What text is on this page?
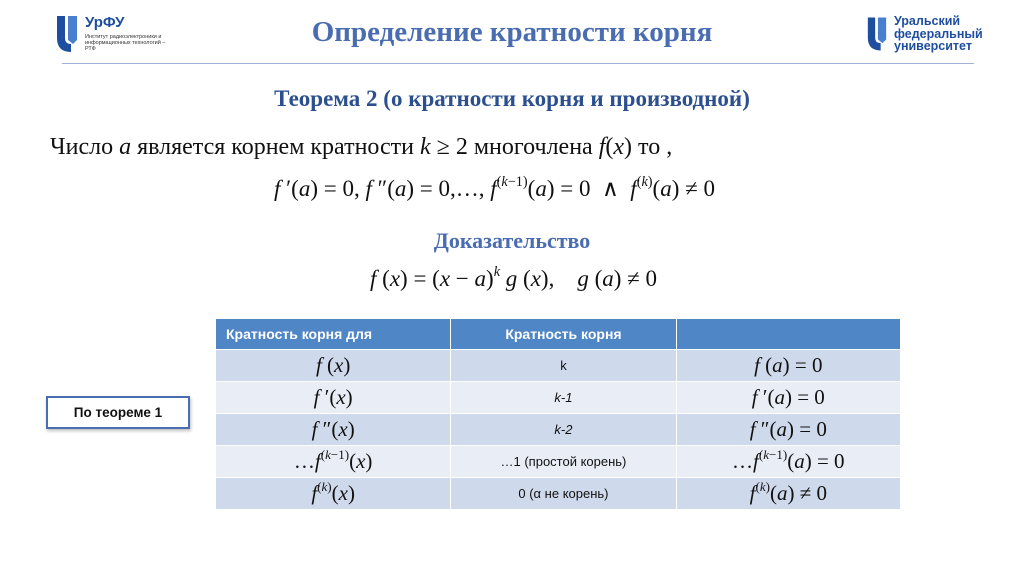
УрФУ
Институт радиоэлектроники и информационных технологий – РТФ
Определение кратности корня	Уральский
федеральный
университет
Теорема 2 (о кратности корня и производной)
Число a является корнем кратности k ≥ 2 многочлена f(x) то ,
f ′(a) = 0, f ″(a) = 0,…, $f^{(k-1)}(a) = 0$  ∧  $f^{(k)}(a) \ne 0$
Доказательство
f $(x) = (x - a)^k$ g (x),    g (a) ≠ 0
Кратность корня для	Кратность корня	
f (x)	k	f (a) = 0
f ′(x)	k-1	f ′(a) = 0
f ″(x)	k-2	f ″(a) = 0
$\dots f^{(k-1)}(x)$	…1 (простой корень)	$\dots f^{(k-1)}(a) = 0$
$f^{(k)}(x)$	0 (α не корень)	$f^{(k)}(a) \ne 0$
По теореме 1
